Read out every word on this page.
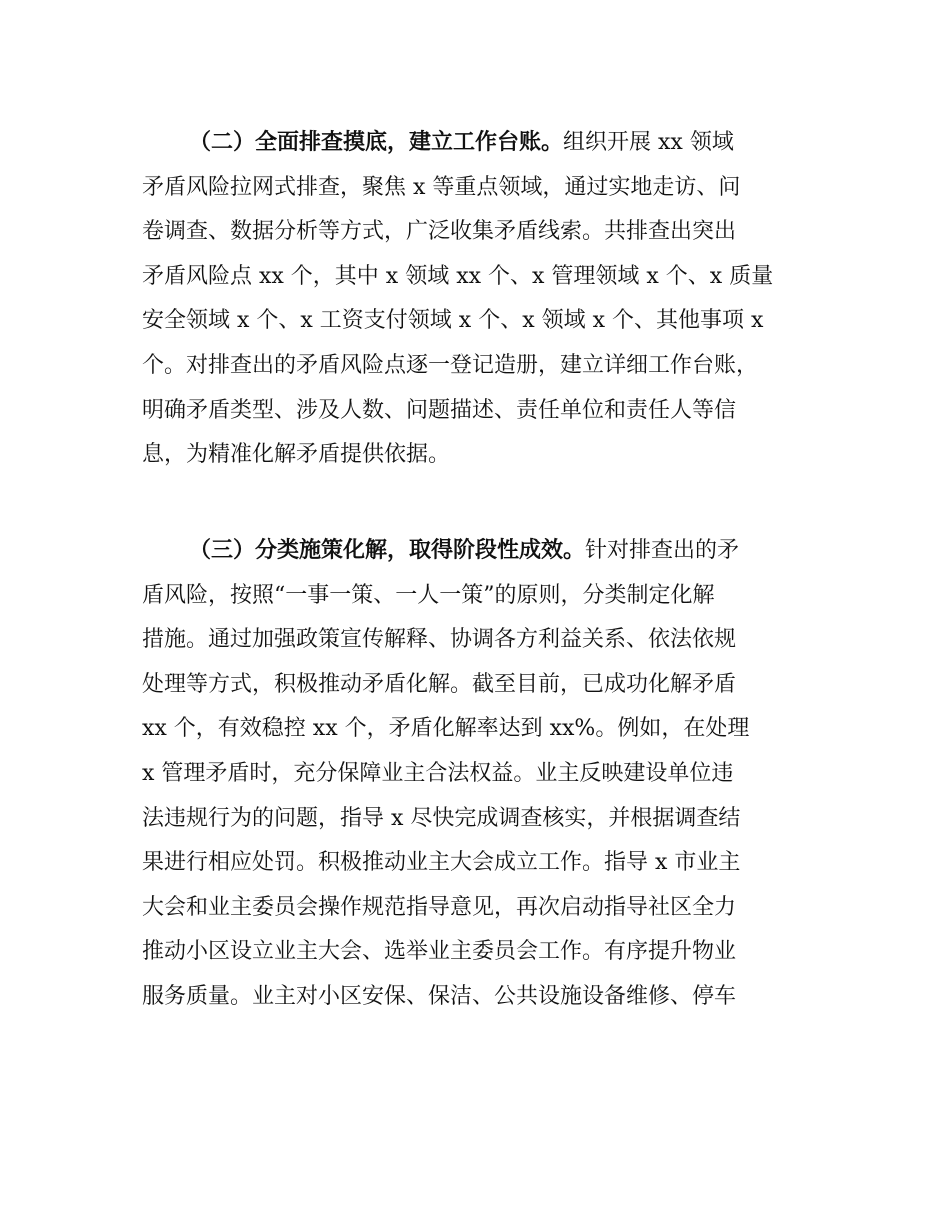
（二）全面排查摸底，建立工作台账。组织开展 xx 领域
矛盾风险拉网式排查，聚焦 x 等重点领域，通过实地走访、问
卷调查、数据分析等方式，广泛收集矛盾线索。共排查出突出
矛盾风险点 xx 个，其中 x 领域 xx 个、x 管理领域 x 个、x 质量
安全领域 x 个、x 工资支付领域 x 个、x 领域 x 个、其他事项 x
个。对排查出的矛盾风险点逐一登记造册，建立详细工作台账，
明确矛盾类型、涉及人数、问题描述、责任单位和责任人等信
息，为精准化解矛盾提供依据。
（三）分类施策化解，取得阶段性成效。针对排查出的矛
盾风险，按照“一事一策、一人一策”的原则，分类制定化解
措施。通过加强政策宣传解释、协调各方利益关系、依法依规
处理等方式，积极推动矛盾化解。截至目前，已成功化解矛盾
xx 个，有效稳控 xx 个，矛盾化解率达到 xx%。例如，在处理
x 管理矛盾时，充分保障业主合法权益。业主反映建设单位违
法违规行为的问题，指导 x 尽快完成调查核实，并根据调查结
果进行相应处罚。积极推动业主大会成立工作。指导 x 市业主
大会和业主委员会操作规范指导意见，再次启动指导社区全力
推动小区设立业主大会、选举业主委员会工作。有序提升物业
服务质量。业主对小区安保、保洁、公共设施设备维修、停车
